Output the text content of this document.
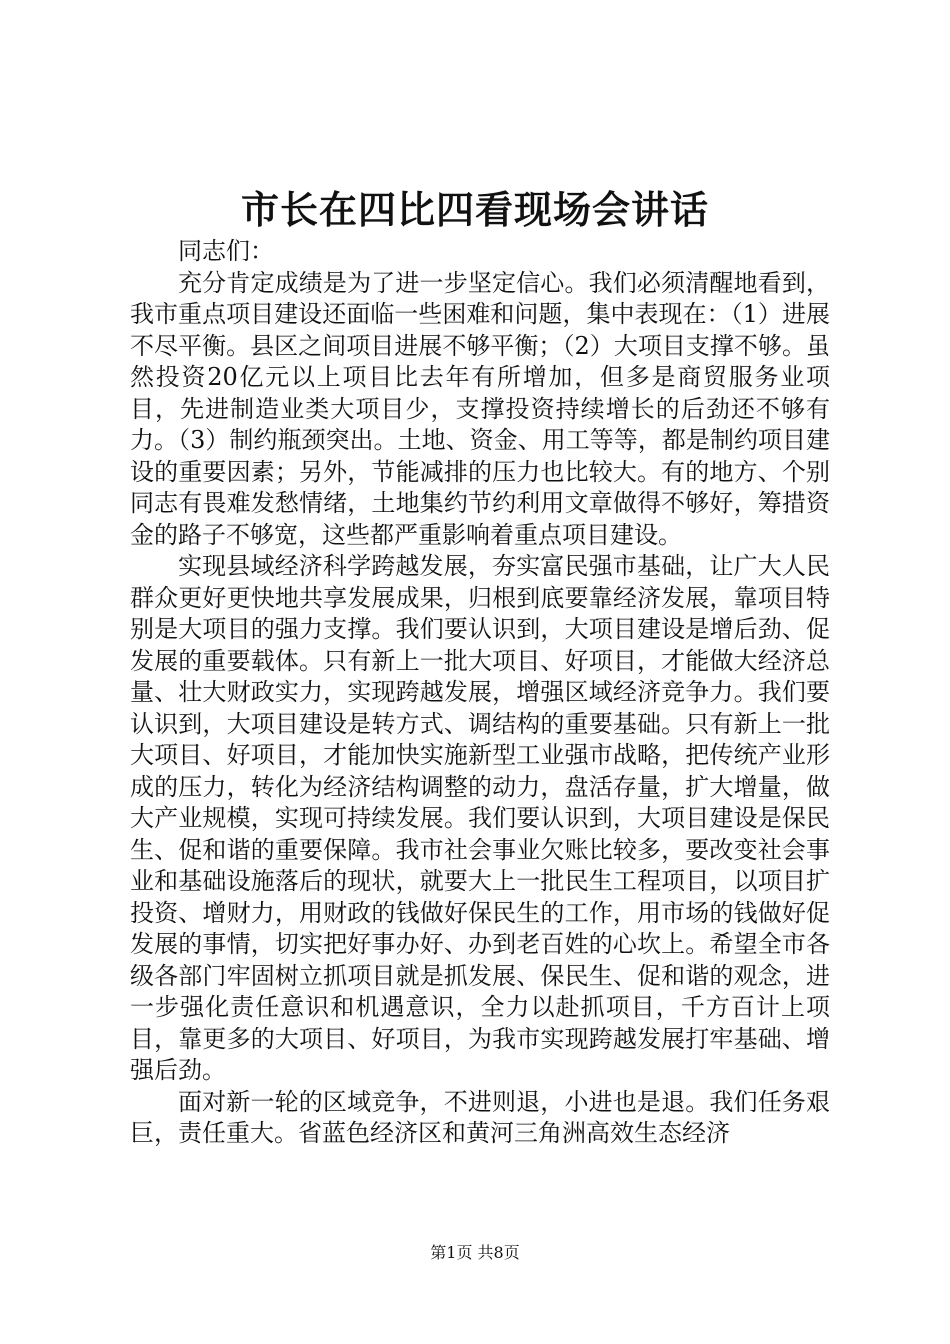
市长在四比四看现场会讲话

同志们：

充分肯定成绩是为了进一步坚定信心。我们必须清醒地看到，我市重点项目建设还面临一些困难和问题，集中表现在：（1）进展不尽平衡。县区之间项目进展不够平衡；（2）大项目支撑不够。虽然投资20亿元以上项目比去年有所增加，但多是商贸服务业项目，先进制造业类大项目少，支撑投资持续增长的后劲还不够有力。（3）制约瓶颈突出。土地、资金、用工等等，都是制约项目建设的重要因素；另外，节能减排的压力也比较大。有的地方、个别同志有畏难发愁情绪，土地集约节约利用文章做得不够好，筹措资金的路子不够宽，这些都严重影响着重点项目建设。

实现县域经济科学跨越发展，夯实富民强市基础，让广大人民群众更好更快地共享发展成果，归根到底要靠经济发展，靠项目特别是大项目的强力支撑。我们要认识到，大项目建设是增后劲、促发展的重要载体。只有新上一批大项目、好项目，才能做大经济总量、壮大财政实力，实现跨越发展，增强区域经济竞争力。我们要认识到，大项目建设是转方式、调结构的重要基础。只有新上一批大项目、好项目，才能加快实施新型工业强市战略，把传统产业形成的压力，转化为经济结构调整的动力，盘活存量，扩大增量，做大产业规模，实现可持续发展。我们要认识到，大项目建设是保民生、促和谐的重要保障。我市社会事业欠账比较多，要改变社会事业和基础设施落后的现状，就要大上一批民生工程项目，以项目扩投资、增财力，用财政的钱做好保民生的工作，用市场的钱做好促发展的事情，切实把好事办好、办到老百姓的心坎上。希望全市各级各部门牢固树立抓项目就是抓发展、保民生、促和谐的观念，进一步强化责任意识和机遇意识，全力以赴抓项目，千方百计上项目，靠更多的大项目、好项目，为我市实现跨越发展打牢基础、增强后劲。

面对新一轮的区域竞争，不进则退，小进也是退。我们任务艰巨，责任重大。省蓝色经济区和黄河三角洲高效生态经济

第1页 共8页
